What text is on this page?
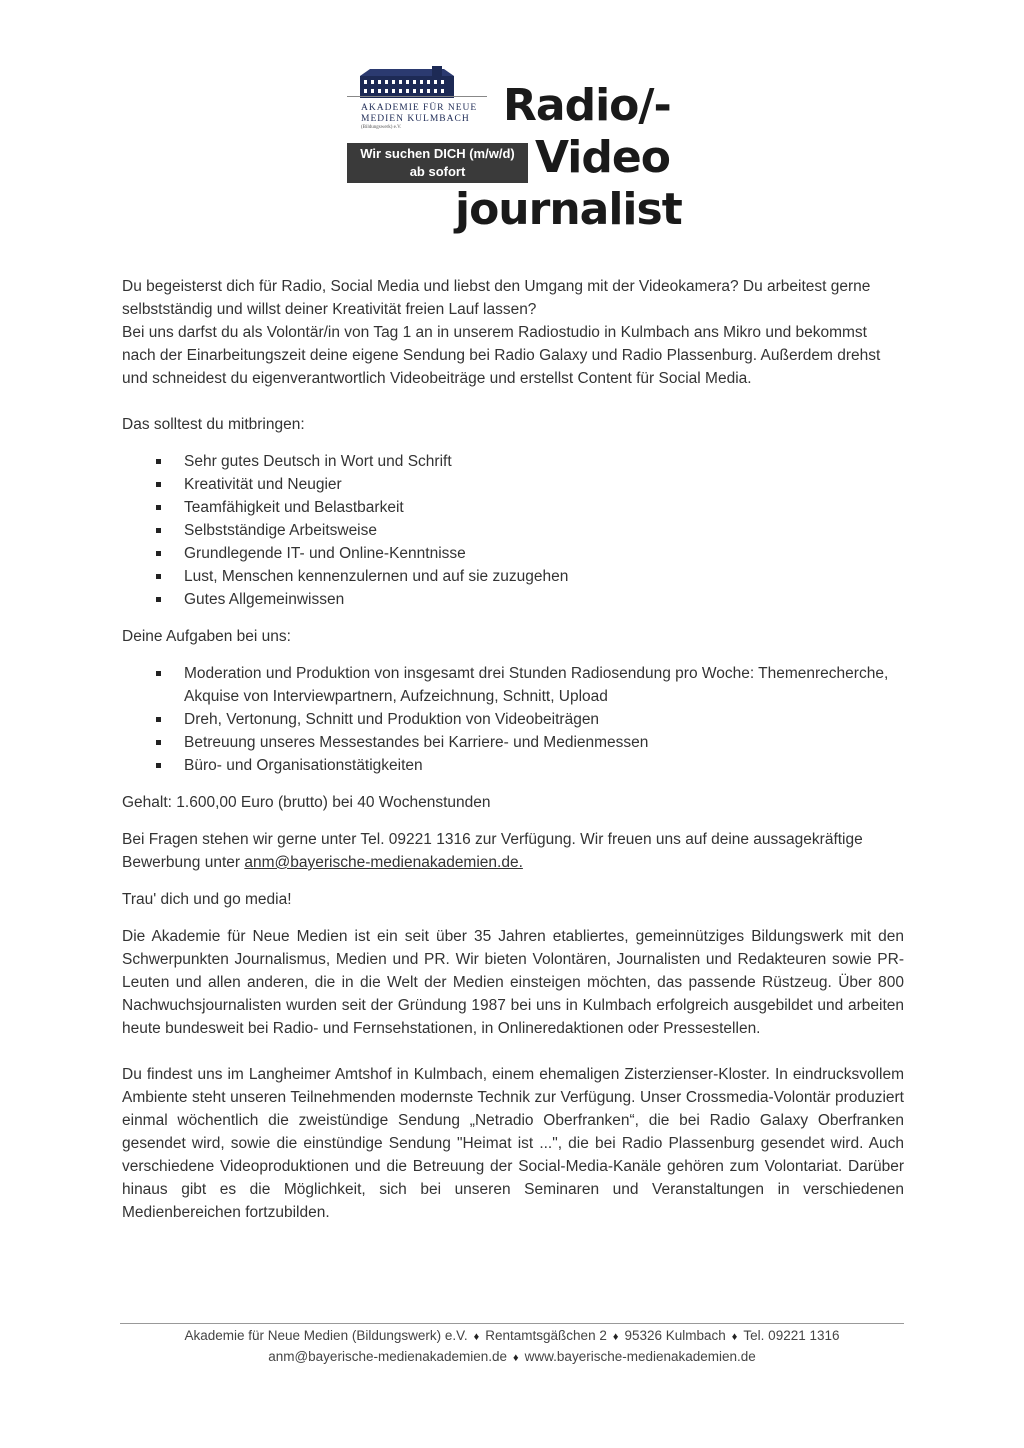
AKADEMIE FÜR NEUE
MEDIEN KULMBACH
(Bildungswerk) e.V.
Wir suchen DICH (m/w/d)
ab sofort
Radio/-
Video
journalist

Du begeisterst dich für Radio, Social Media und liebst den Umgang mit der Videokamera? Du arbeitest gerne selbstständig und willst deiner Kreativität freien Lauf lassen?

Bei uns darfst du als Volontär/in von Tag 1 an in unserem Radiostudio in Kulmbach ans Mikro und bekommst nach der Einarbeitungszeit deine eigene Sendung bei Radio Galaxy und Radio Plassenburg. Außerdem drehst und schneidest du eigenverantwortlich Videobeiträge und erstellst Content für Social Media.

Das solltest du mitbringen:

Sehr gutes Deutsch in Wort und Schrift
Kreativität und Neugier
Teamfähigkeit und Belastbarkeit
Selbstständige Arbeitsweise
Grundlegende IT- und Online-Kenntnisse
Lust, Menschen kennenzulernen und auf sie zuzugehen
Gutes Allgemeinwissen

Deine Aufgaben bei uns:

Moderation und Produktion von insgesamt drei Stunden Radiosendung pro Woche: Themenrecherche, Akquise von Interviewpartnern, Aufzeichnung, Schnitt, Upload
Dreh, Vertonung, Schnitt und Produktion von Videobeiträgen
Betreuung unseres Messestandes bei Karriere- und Medienmessen
Büro- und Organisationstätigkeiten

Gehalt: 1.600,00 Euro (brutto) bei 40 Wochenstunden

Bei Fragen stehen wir gerne unter Tel. 09221 1316 zur Verfügung. Wir freuen uns auf deine aussagekräftige Bewerbung unter anm@bayerische-medienakademien.de.

Trau' dich und go media!

Die Akademie für Neue Medien ist ein seit über 35 Jahren etabliertes, gemeinnütziges Bildungswerk mit den Schwerpunkten Journalismus, Medien und PR. Wir bieten Volontären, Journalisten und Redakteuren sowie PR-Leuten und allen anderen, die in die Welt der Medien einsteigen möchten, das passende Rüstzeug. Über 800 Nachwuchsjournalisten wurden seit der Gründung 1987 bei uns in Kulmbach erfolgreich ausgebildet und arbeiten heute bundesweit bei Radio- und Fernsehstationen, in Onlineredaktionen oder Pressestellen.

Du findest uns im Langheimer Amtshof in Kulmbach, einem ehemaligen Zisterzienser-Kloster. In eindrucksvollem Ambiente steht unseren Teilnehmenden modernste Technik zur Verfügung. Unser Crossmedia-Volontär produziert einmal wöchentlich die zweistündige Sendung „Netradio Oberfranken“, die bei Radio Galaxy Oberfranken gesendet wird, sowie die einstündige Sendung "Heimat ist ...", die bei Radio Plassenburg gesendet wird. Auch verschiedene Videoproduktionen und die Betreuung der Social-Media-Kanäle gehören zum Volontariat. Darüber hinaus gibt es die Möglichkeit, sich bei unseren Seminaren und Veranstaltungen in verschiedenen Medienbereichen fortzubilden.

Akademie für Neue Medien (Bildungswerk) e.V. ♦ Rentamtsgäßchen 2 ♦ 95326 Kulmbach ♦ Tel. 09221 1316
anm@bayerische-medienakademien.de ♦ www.bayerische-medienakademien.de
